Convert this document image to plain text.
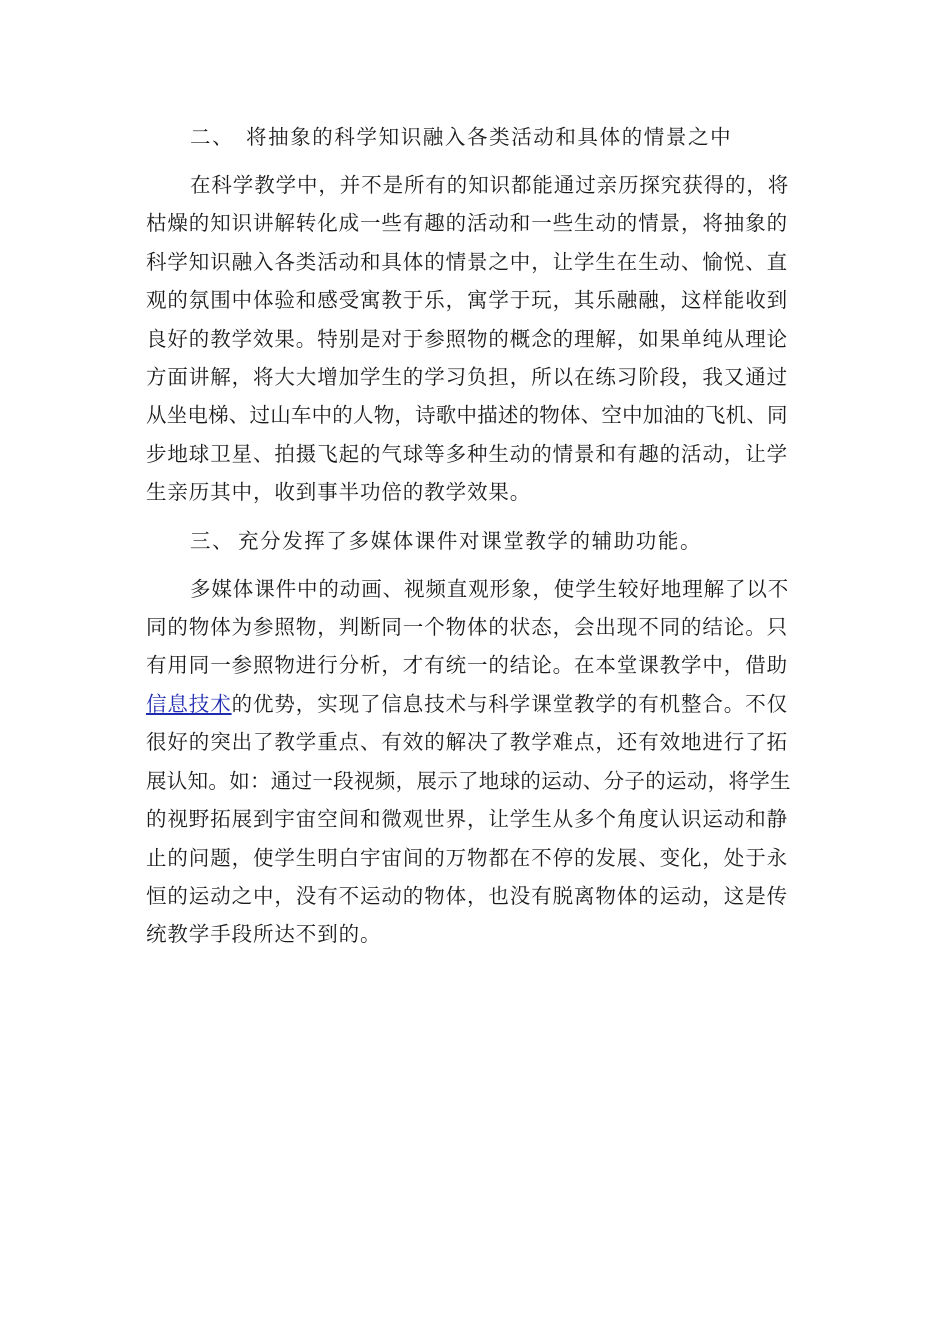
二、 将抽象的科学知识融入各类活动和具体的情景之中

在科学教学中，并不是所有的知识都能通过亲历探究获得的，将
枯燥的知识讲解转化成一些有趣的活动和一些生动的情景，将抽象的
科学知识融入各类活动和具体的情景之中，让学生在生动、愉悦、直
观的氛围中体验和感受寓教于乐，寓学于玩，其乐融融，这样能收到
良好的教学效果。特别是对于参照物的概念的理解，如果单纯从理论
方面讲解，将大大增加学生的学习负担，所以在练习阶段，我又通过
从坐电梯、过山车中的人物，诗歌中描述的物体、空中加油的飞机、同
步地球卫星、拍摄飞起的气球等多种生动的情景和有趣的活动，让学
生亲历其中，收到事半功倍的教学效果。

三、 充分发挥了多媒体课件对课堂教学的辅助功能。

多媒体课件中的动画、视频直观形象，使学生较好地理解了以不
同的物体为参照物，判断同一个物体的状态，会出现不同的结论。只
有用同一参照物进行分析，才有统一的结论。在本堂课教学中，借助
信息技术的优势，实现了信息技术与科学课堂教学的有机整合。不仅
很好的突出了教学重点、有效的解决了教学难点，还有效地进行了拓
展认知。如：通过一段视频，展示了地球的运动、分子的运动，将学生
的视野拓展到宇宙空间和微观世界，让学生从多个角度认识运动和静
止的问题，使学生明白宇宙间的万物都在不停的发展、变化，处于永
恒的运动之中，没有不运动的物体，也没有脱离物体的运动，这是传
统教学手段所达不到的。
